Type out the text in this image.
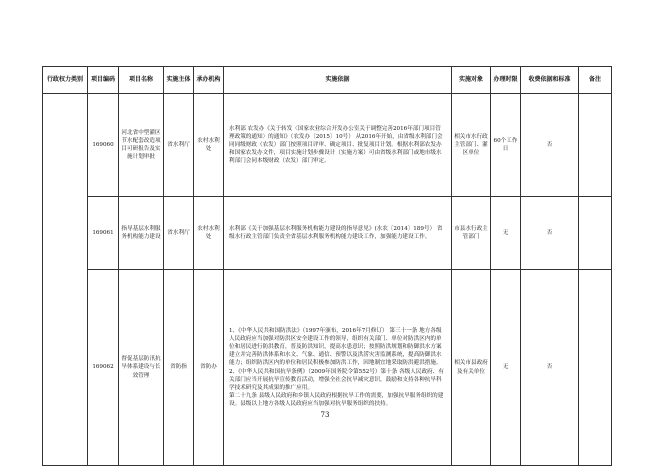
行政权力类别	项目编码	项目名称	实施主体	承办机构	实施依据	实施对象	办理时限	收费依据和标准	备注
	169060	河北省中型灌区节水配套改造项目可研报告及实施计划审批	省水利厅	农村水利处	水利部 农发办《关于转发〈国家农业综合开发办公室关于调整完善2016年部门项目管理政策的通知〉的通知》（农发办〔2015〕10号） 从2016年开始，由省级水利部门会同同级财政（农发）部门按照项目评审、确定项目、批复项目计划。根据水利部农发办和国家农发办文件，项目实施计划步骤设计（实施方案）可由省级水利部门或地市级水利部门会同本级财政（农发）部门审定。	相关市水行政主管部门、灌区单位	60个工作日	否	
	169061	指导基层水利服务机构能力建设	省水利厅	农村水利处	水利部《关于加强基层水利服务机构能力建设的指导意见》(水农〔2014〕189号） 省级水行政主管部门负责全省基层水利服务机构能力建设工作，加强能力建设工作。	市县水行政主管部门	无	否	
	169062	督促基层防汛抗旱体系建设与长效管理	省防指	省防办	1、《中华人民共和国防洪法》（1997年颁布，2016年7月修订） 第三十一条 地方各级人民政府应当加强对防洪区安全建设工作的领导，组织有关部门、单位对防洪区内的单位和居民进行防洪教育，普及防洪知识，提高水患意识；按照防洪规划和防御洪水方案建立并完善防洪体系和水文、气象、通信、预警以及洪涝灾害监测系统，提高防御洪水能力；组织防洪区内的单位和居民积极参加防洪工作，因地制宜地采取防洪避洪措施。
2、《中华人民共和国抗旱条例》（2009年国务院令第552号）第十条 各级人民政府、有关部门应当开展抗旱宣传教育活动，增强全社会抗旱减灾意识，鼓励和支持各种抗旱科学技术研究及其成果的推广应用。
第二十九条 县级人民政府和乡镇人民政府根据抗旱工作的需要，加强抗旱服务组织的建设。县级以上地方各级人民政府应当加强对抗旱服务组织的扶持。	相关市县政府及有关单位	无	否	
73
